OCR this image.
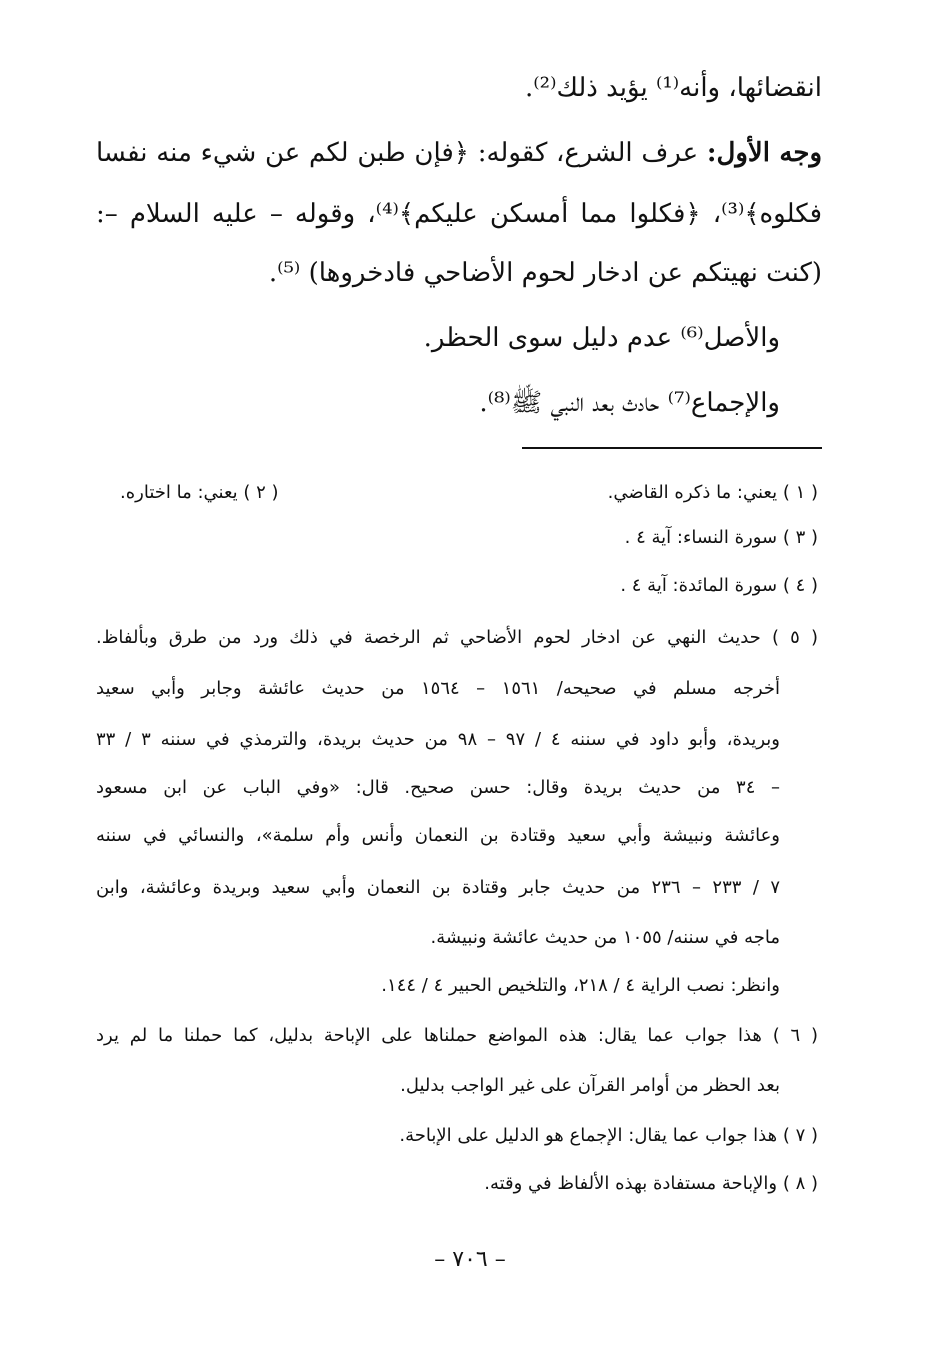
انقضائها، وأنه⁽¹⁾ يؤيد ذلك⁽²⁾.
وجه الأول: عرف الشرع، كقوله: ﴿فإن طبن لكم عن شيء منه نفسا
فكلوه﴾⁽³⁾، ﴿فكلوا مما أمسكن عليكم﴾⁽⁴⁾، وقوله – عليه السلام –:
(كنت نهيتكم عن ادخار لحوم الأضاحي فادخروها) ⁽⁵⁾.
والأصل⁽⁶⁾ عدم دليل سوى الحظر.
والإجماع⁽⁷⁾ حادث بعد النبي ﷺ⁽⁸⁾.
( ١ ) يعني: ما ذكره القاضي.
( ٢ ) يعني: ما اختاره.
( ٣ ) سورة النساء: آية ٤ .
( ٤ ) سورة المائدة: آية ٤ .
( ٥ ) حديث النهي عن ادخار لحوم الأضاحي ثم الرخصة في ذلك ورد من طرق وبألفاظ.
أخرجه مسلم في صحيحه/ ١٥٦١ – ١٥٦٤ من حديث عائشة وجابر وأبي سعيد
وبريدة، وأبو داود في سننه ٤ / ٩٧ – ٩٨ من حديث بريدة، والترمذي في سننه ٣ / ٣٣
– ٣٤ من حديث بريدة وقال: حسن صحيح. قال: «وفي الباب عن ابن مسعود
وعائشة ونبيشة وأبي سعيد وقتادة بن النعمان وأنس وأم سلمة»، والنسائي في سننه
٧ / ٢٣٣ – ٢٣٦ من حديث جابر وقتادة بن النعمان وأبي سعيد وبريدة وعائشة، وابن
ماجه في سننه/ ١٠٥٥ من حديث عائشة ونبيشة.
وانظر: نصب الراية ٤ / ٢١٨، والتلخيص الحبير ٤ / ١٤٤.
( ٦ ) هذا جواب عما يقال: هذه المواضع حملناها على الإباحة بدليل، كما حملنا ما لم يرد
بعد الحظر من أوامر القرآن على غير الواجب بدليل.
( ٧ ) هذا جواب عما يقال: الإجماع هو الدليل على الإباحة.
( ٨ ) والإباحة مستفادة بهذه الألفاظ في وقته.
– ٧٠٦ –
